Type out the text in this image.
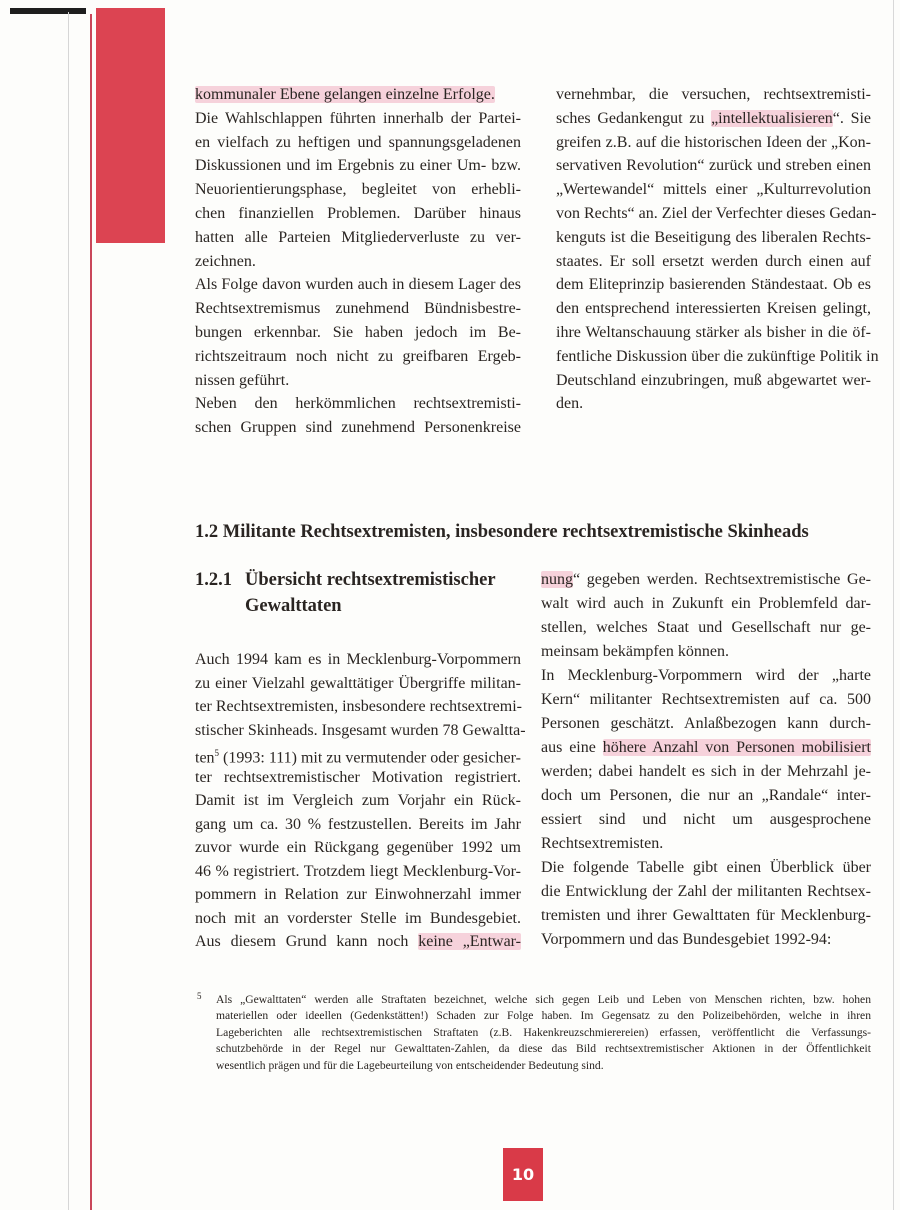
kommunaler Ebene gelangen einzelne Erfolge.
Die Wahlschlappen führten innerhalb der Partei-
en vielfach zu heftigen und spannungsgeladenen
Diskussionen und im Ergebnis zu einer Um- bzw.
Neuorientierungsphase, begleitet von erhebli-
chen finanziellen Problemen. Darüber hinaus
hatten alle Parteien Mitgliederverluste zu ver-
zeichnen.
Als Folge davon wurden auch in diesem Lager des
Rechtsextremismus zunehmend Bündnisbestre-
bungen erkennbar. Sie haben jedoch im Be-
richtszeitraum noch nicht zu greifbaren Ergeb-
nissen geführt.
Neben den herkömmlichen rechtsextremisti-
schen Gruppen sind zunehmend Personenkreise
vernehmbar, die versuchen, rechtsextremisti-
sches Gedankengut zu „intellektualisieren“. Sie
greifen z.B. auf die historischen Ideen der „Kon-
servativen Revolution“ zurück und streben einen
„Wertewandel“ mittels einer „Kulturrevolution
von Rechts“ an. Ziel der Verfechter dieses Gedan-
kenguts ist die Beseitigung des liberalen Rechts-
staates. Er soll ersetzt werden durch einen auf
dem Eliteprinzip basierenden Ständestaat. Ob es
den entsprechend interessierten Kreisen gelingt,
ihre Weltanschauung stärker als bisher in die öf-
fentliche Diskussion über die zukünftige Politik in
Deutschland einzubringen, muß abgewartet wer-
den.
1.2 Militante Rechtsextremisten, insbesondere rechtsextremistische Skinheads
1.2.1 Übersicht rechtsextremistischer
Gewalttaten
Auch 1994 kam es in Mecklenburg-Vorpommern
zu einer Vielzahl gewalttätiger Übergriffe militan-
ter Rechtsextremisten, insbesondere rechtsextremi-
stischer Skinheads. Insgesamt wurden 78 Gewaltta-
ten$^5$ (1993: 111) mit zu vermutender oder gesicher-
ter rechtsextremistischer Motivation registriert.
Damit ist im Vergleich zum Vorjahr ein Rück-
gang um ca. 30 % festzustellen. Bereits im Jahr
zuvor wurde ein Rückgang gegenüber 1992 um
46 % registriert. Trotzdem liegt Mecklenburg-Vor-
pommern in Relation zur Einwohnerzahl immer
noch mit an vorderster Stelle im Bundesgebiet.
Aus diesem Grund kann noch keine „Entwar-
nung“ gegeben werden. Rechtsextremistische Ge-
walt wird auch in Zukunft ein Problemfeld dar-
stellen, welches Staat und Gesellschaft nur ge-
meinsam bekämpfen können.
In Mecklenburg-Vorpommern wird der „harte
Kern“ militanter Rechtsextremisten auf ca. 500
Personen geschätzt. Anlaßbezogen kann durch-
aus eine höhere Anzahl von Personen mobilisiert
werden; dabei handelt es sich in der Mehrzahl je-
doch um Personen, die nur an „Randale“ inter-
essiert sind und nicht um ausgesprochene
Rechtsextremisten.
Die folgende Tabelle gibt einen Überblick über
die Entwicklung der Zahl der militanten Rechtsex-
tremisten und ihrer Gewalttaten für Mecklenburg-
Vorpommern und das Bundesgebiet 1992-94:
5 Als „Gewalttaten“ werden alle Straftaten bezeichnet, welche sich gegen Leib und Leben von Menschen richten, bzw. hohen
materiellen oder ideellen (Gedenkstätten!) Schaden zur Folge haben. Im Gegensatz zu den Polizeibehörden, welche in ihren
Lageberichten alle rechtsextremistischen Straftaten (z.B. Hakenkreuzschmierereien) erfassen, veröffentlicht die Verfassungs-
schutzbehörde in der Regel nur Gewalttaten-Zahlen, da diese das Bild rechtsextremistischer Aktionen in der Öffentlichkeit
wesentlich prägen und für die Lagebeurteilung von entscheidender Bedeutung sind.
10
